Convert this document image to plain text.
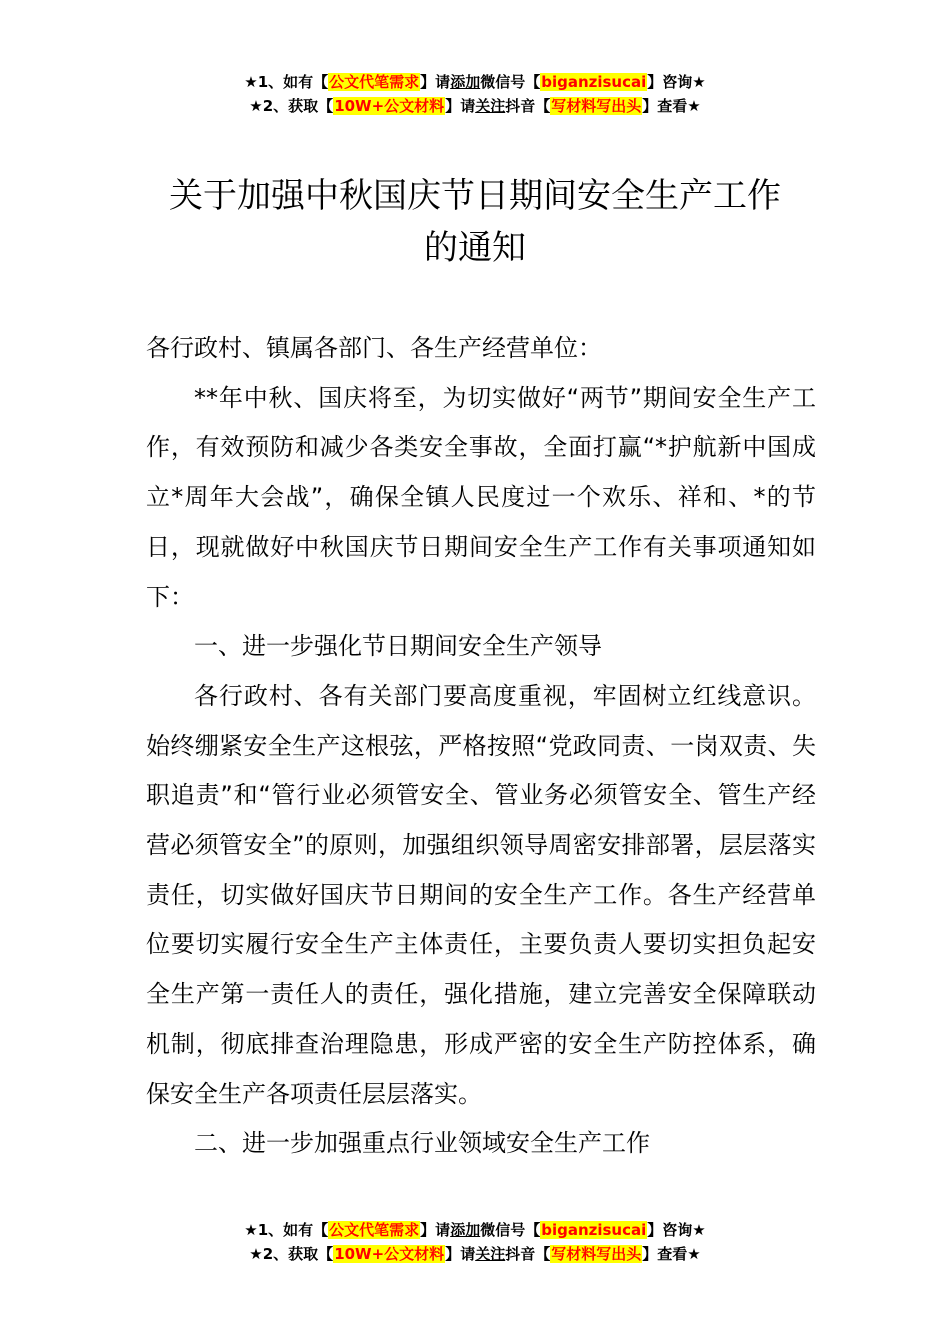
★1、如有【公文代笔需求】请添加微信号【biganzisucai】咨询★
★2、获取【10W+公文材料】请关注抖音【写材料写出头】查看★
关于加强中秋国庆节日期间安全生产工作
的通知

各行政村、镇属各部门、各生产经营单位：

**年中秋、国庆将至，为切实做好“两节”期间安全生产工作，有效预防和减少各类安全事故，全面打赢“*护航新中国成立*周年大会战”，确保全镇人民度过一个欢乐、祥和、*的节日，现就做好中秋国庆节日期间安全生产工作有关事项通知如下：

一、进一步强化节日期间安全生产领导

各行政村、各有关部门要高度重视，牢固树立红线意识。始终绷紧安全生产这根弦，严格按照“党政同责、一岗双责、失职追责”和“管行业必须管安全、管业务必须管安全、管生产经营必须管安全”的原则，加强组织领导周密安排部署，层层落实责任，切实做好国庆节日期间的安全生产工作。各生产经营单位要切实履行安全生产主体责任，主要负责人要切实担负起安全生产第一责任人的责任，强化措施，建立完善安全保障联动机制，彻底排查治理隐患，形成严密的安全生产防控体系，确保安全生产各项责任层层落实。

二、进一步加强重点行业领域安全生产工作

★1、如有【公文代笔需求】请添加微信号【biganzisucai】咨询★
★2、获取【10W+公文材料】请关注抖音【写材料写出头】查看★
